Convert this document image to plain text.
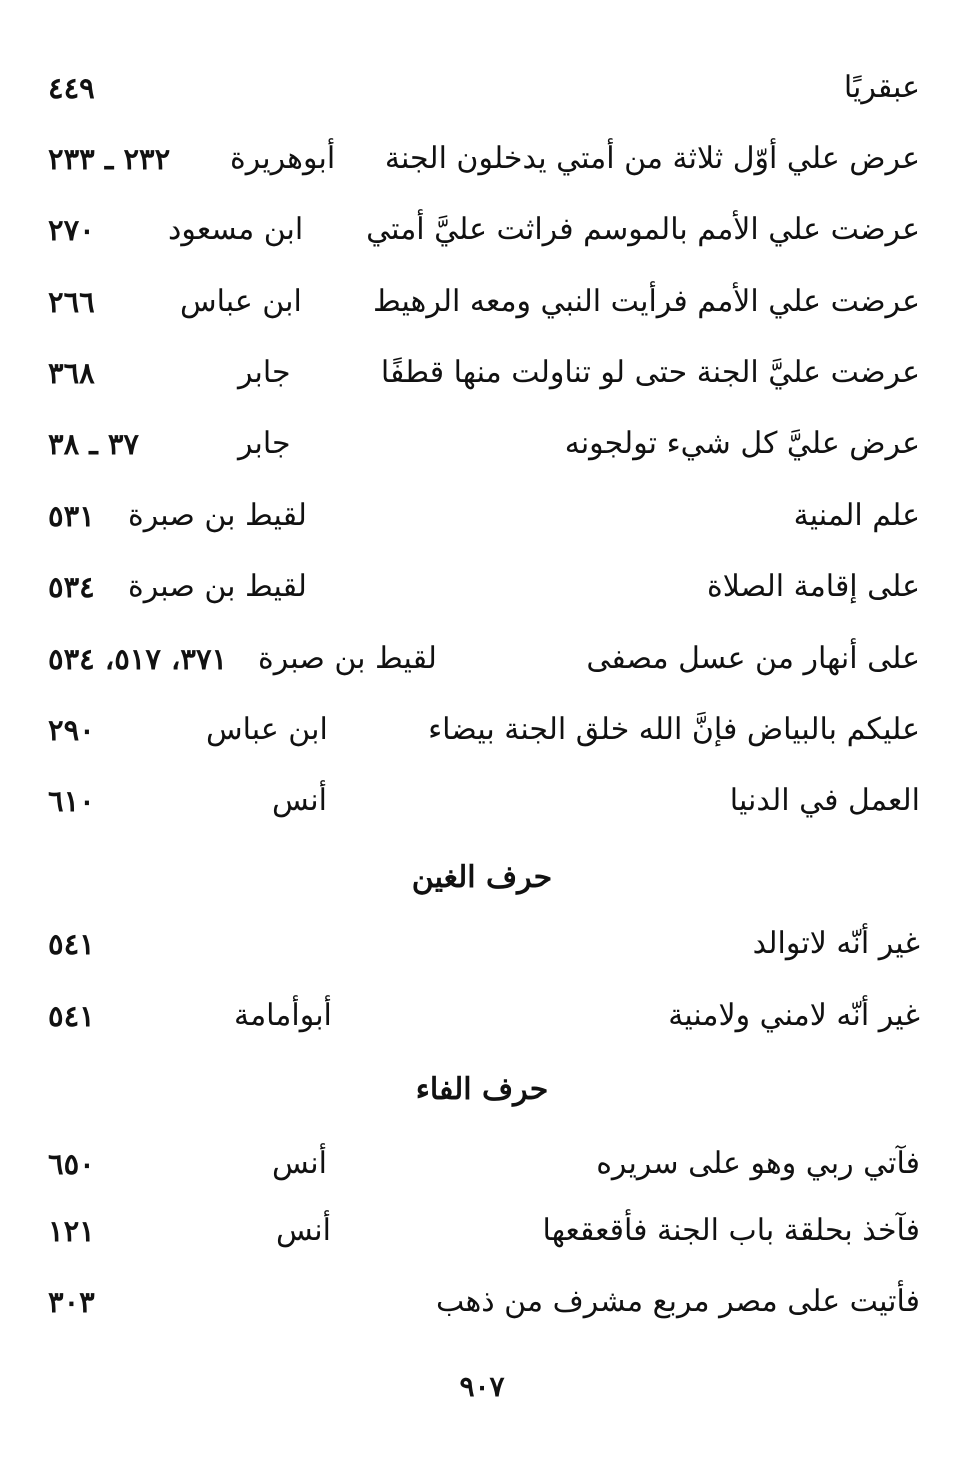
عبقريًا
٤٤٩
عرض علي أوّل ثلاثة من أمتي يدخلون الجنة
أبوهريرة
٢٣٢ ـ ٢٣٣
عرضت علي الأمم بالموسم فراثت عليَّ أمتي
ابن مسعود
٢٧٠
عرضت علي الأمم فرأيت النبي ومعه الرهيط
ابن عباس
٢٦٦
عرضت عليَّ الجنة حتى لو تناولت منها قطفًا
جابر
٣٦٨
عرض عليَّ كل شيء تولجونه
جابر
٣٧ ـ ٣٨
علم المنية
لقيط بن صبرة
٥٣١
على إقامة الصلاة
لقيط بن صبرة
٥٣٤
على أنهار من عسل مصفى
لقيط بن صبرة
٣٧١، ٥١٧، ٥٣٤
عليكم بالبياض فإنَّ الله خلق الجنة بيضاء
ابن عباس
٢٩٠
العمل في الدنيا
أنس
٦١٠
حرف الغين
غير أنّه لاتوالد
٥٤١
غير أنّه لامني ولامنية
أبوأمامة
٥٤١
حرف الفاء
فآتي ربي وهو على سريره
أنس
٦٥٠
فآخذ بحلقة باب الجنة فأقعقعها
أنس
١٢١
فأتيت على مصر مربع مشرف من ذهب
٣٠٣
٩٠٧
